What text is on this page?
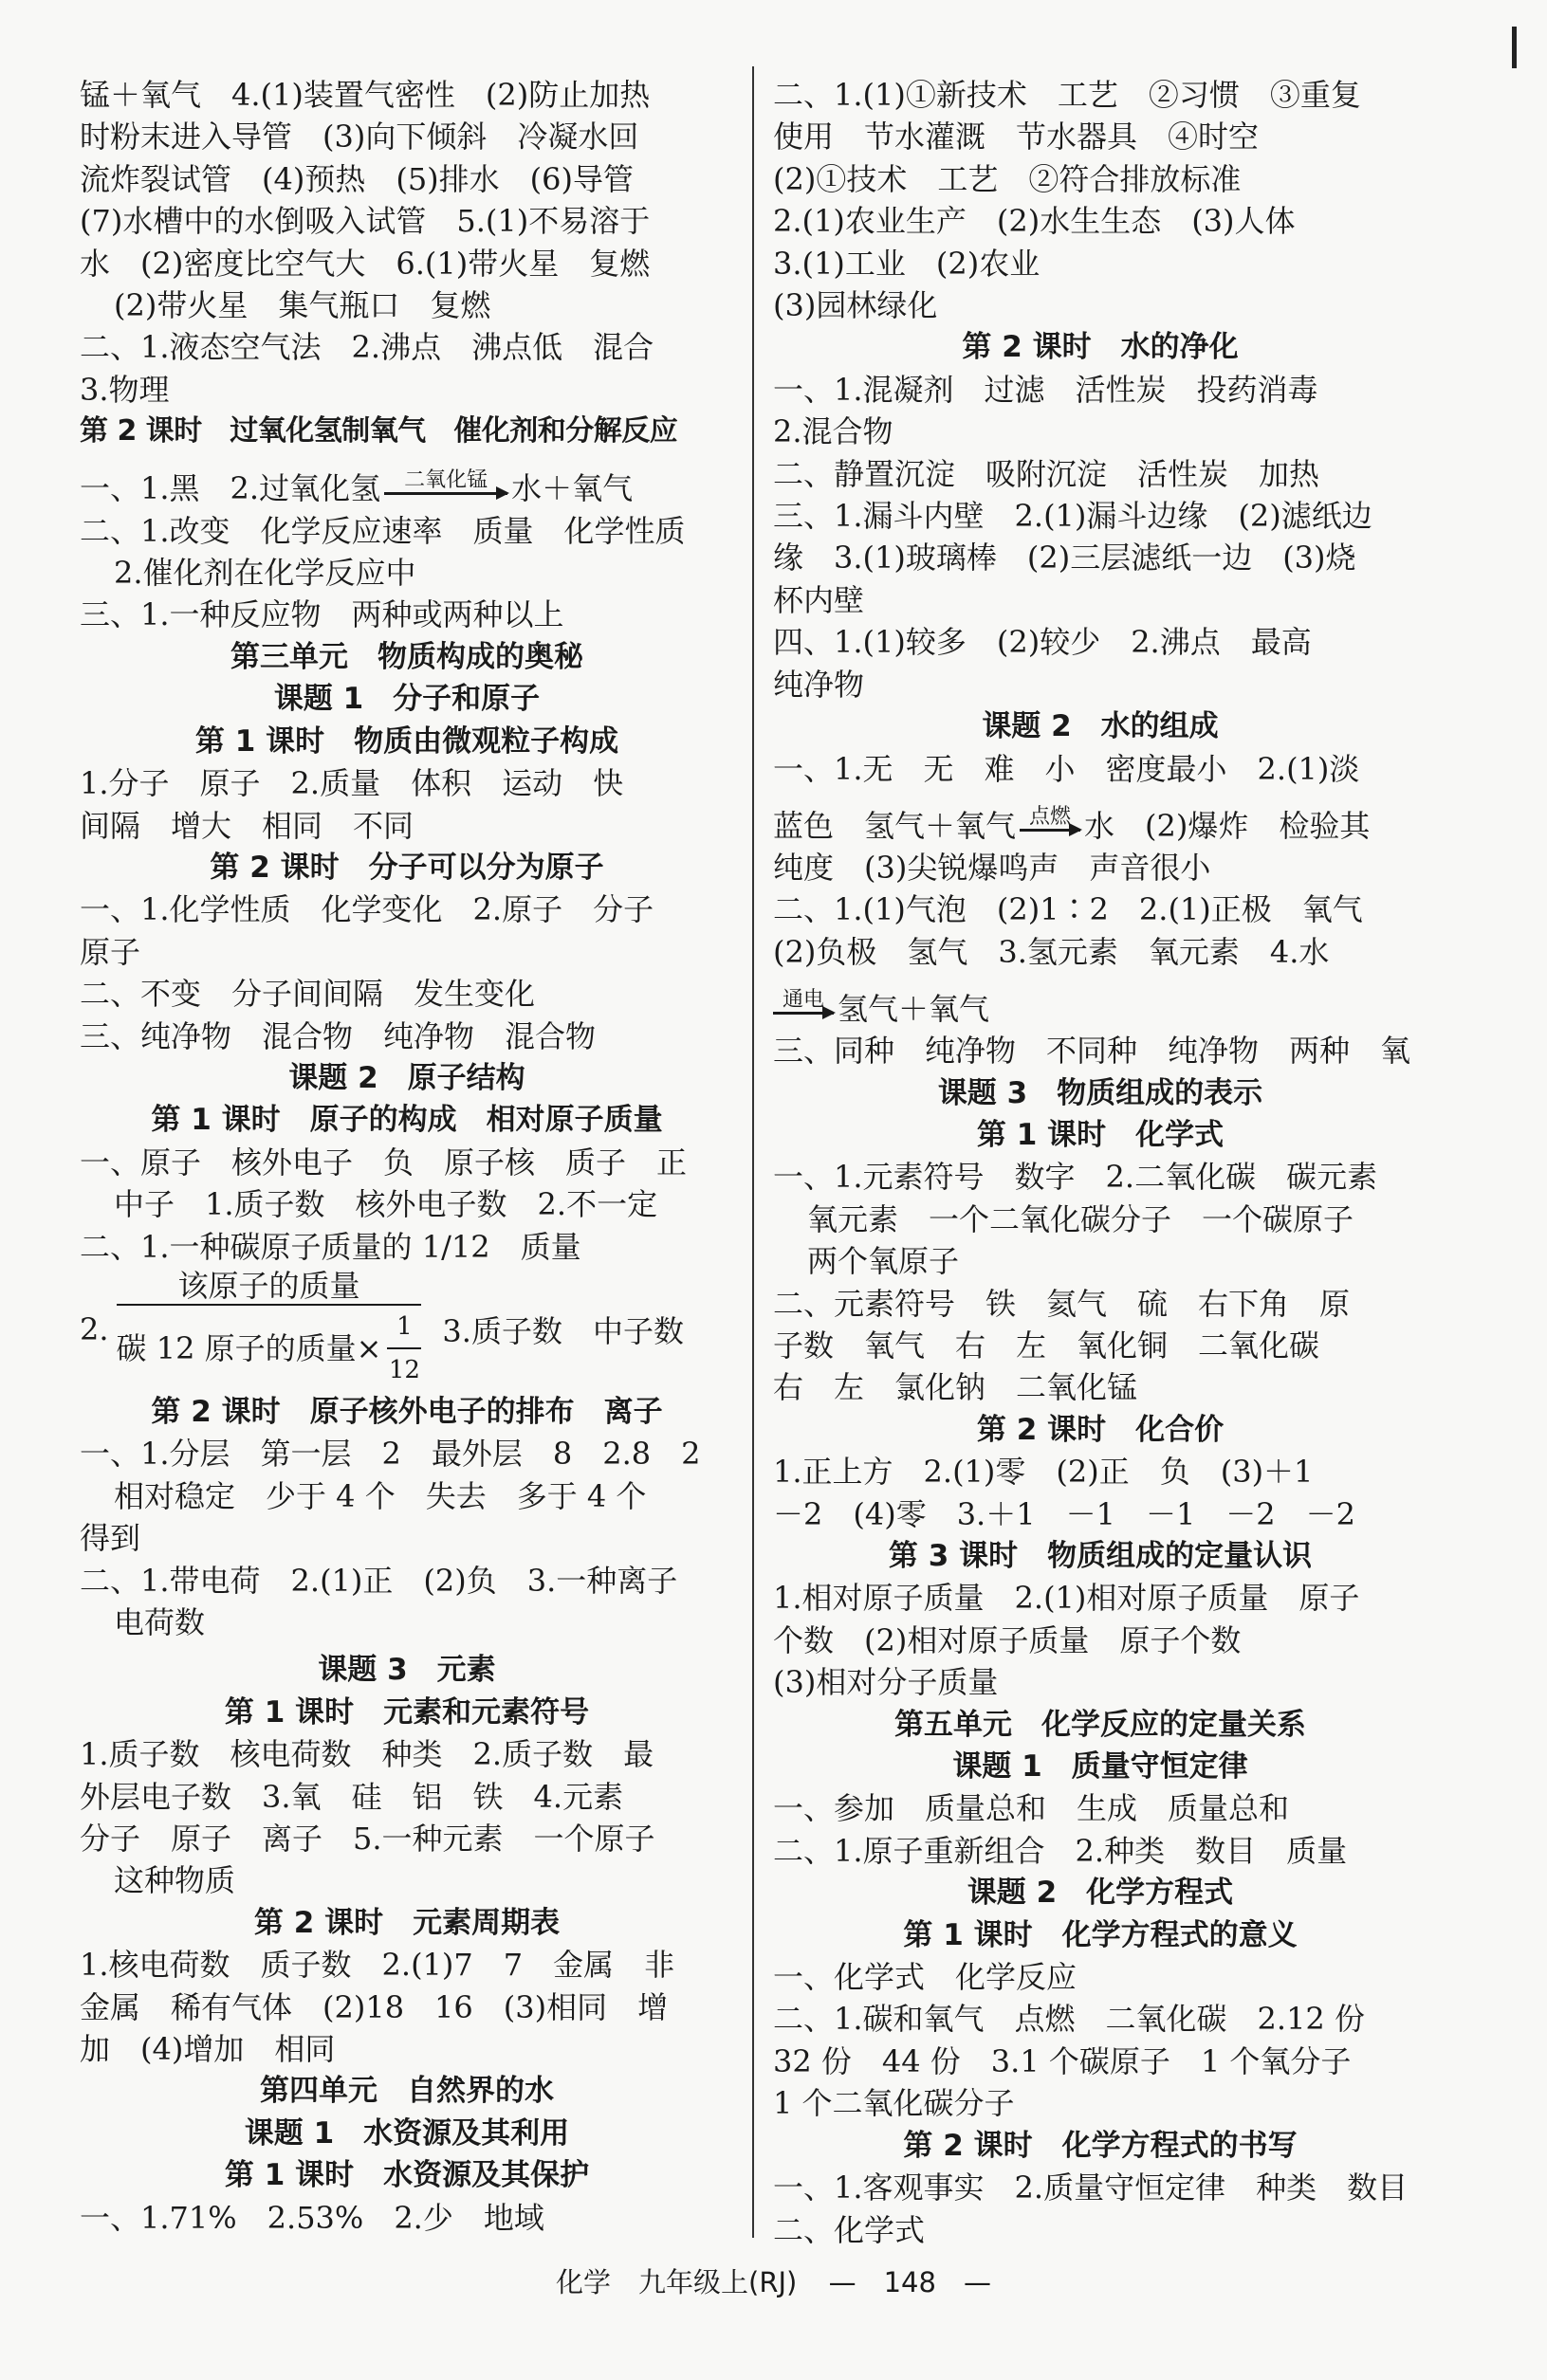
锰＋氧气　4.(1)装置气密性　(2)防止加热

时粉末进入导管　(3)向下倾斜　冷凝水回

流炸裂试管　(4)预热　(5)排水　(6)导管

(7)水槽中的水倒吸入试管　5.(1)不易溶于

水　(2)密度比空气大　6.(1)带火星　复燃

(2)带火星　集气瓶口　复燃

二、1.液态空气法　2.沸点　沸点低　混合

3.物理

第 2 课时　过氧化氢制氧气　催化剂和分解反应

一、1.黑　2.过氧化氢 二氧化锰 水＋氧气

二、1.改变　化学反应速率　质量　化学性质

2.催化剂在化学反应中

三、1.一种反应物　两种或两种以上

第三单元　物质构成的奥秘

课题 1　分子和原子

第 1 课时　物质由微观粒子构成

1.分子　原子　2.质量　体积　运动　快

间隔　增大　相同　不同

第 2 课时　分子可以分为原子

一、1.化学性质　化学变化　2.原子　分子

原子

二、不变　分子间间隔　发生变化

三、纯净物　混合物　纯净物　混合物

课题 2　原子结构

第 1 课时　原子的构成　相对原子质量

一、原子　核外电子　负　原子核　质子　正

中子　1.质子数　核外电子数　2.不一定

二、1.一种碳原子质量的 1/12　质量

2. $\frac{\text{该原子的质量}}{碳 12 原子的质量\times \frac{1}{12}} 3$.质子数　中子数

第 2 课时　原子核外电子的排布　离子

一、1.分层　第一层　2　最外层　8　2.8　2

相对稳定　少于 4 个　失去　多于 4 个

得到

二、1.带电荷　2.(1)正　(2)负　3.一种离子

电荷数

课题 3　元素

第 1 课时　元素和元素符号

1.质子数　核电荷数　种类　2.质子数　最

外层电子数　3.氧　硅　铝　铁　4.元素

分子　原子　离子　5.一种元素　一个原子

这种物质

第 2 课时　元素周期表

1.核电荷数　质子数　2.(1)7　7　金属　非

金属　稀有气体　(2)18　16　(3)相同　增

加　(4)增加　相同

第四单元　自然界的水

课题 1　水资源及其利用

第 1 课时　水资源及其保护

一、1.71%　2.53%　2.少　地域

二、1.(1)①新技术　工艺　②习惯　③重复

使用　节水灌溉　节水器具　④时空

(2)①技术　工艺　②符合排放标准

2.(1)农业生产　(2)水生生态　(3)人体

3.(1)工业　(2)农业

(3)园林绿化

第 2 课时　水的净化

一、1.混凝剂　过滤　活性炭　投药消毒

2.混合物

二、静置沉淀　吸附沉淀　活性炭　加热

三、1.漏斗内壁　2.(1)漏斗边缘　(2)滤纸边

缘　3.(1)玻璃棒　(2)三层滤纸一边　(3)烧

杯内壁

四、1.(1)较多　(2)较少　2.沸点　最高

纯净物

课题 2　水的组成

一、1.无　无　难　小　密度最小　2.(1)淡

蓝色　氢气＋氧气 点燃 水　(2)爆炸　检验其

纯度　(3)尖锐爆鸣声　声音很小

二、1.(1)气泡　(2)1∶2　2.(1)正极　氧气

(2)负极　氢气　3.氢元素　氧元素　4.水

通电 氢气＋氧气

三、同种　纯净物　不同种　纯净物　两种　氧

课题 3　物质组成的表示

第 1 课时　化学式

一、1.元素符号　数字　2.二氧化碳　碳元素

氧元素　一个二氧化碳分子　一个碳原子

两个氧原子

二、元素符号　铁　氦气　硫　右下角　原

子数　氧气　右　左　氧化铜　二氧化碳

右　左　氯化钠　二氧化锰

第 2 课时　化合价

1.正上方　2.(1)零　(2)正　负　(3)＋1

－2　(4)零　3.＋1　－1　－1　－2　－2

第 3 课时　物质组成的定量认识

1.相对原子质量　2.(1)相对原子质量　原子

个数　(2)相对原子质量　原子个数

(3)相对分子质量

第五单元　化学反应的定量关系

课题 1　质量守恒定律

一、参加　质量总和　生成　质量总和

二、1.原子重新组合　2.种类　数目　质量

课题 2　化学方程式

第 1 课时　化学方程式的意义

一、化学式　化学反应

二、1.碳和氧气　点燃　二氧化碳　2.12 份

32 份　44 份　3.1 个碳原子　1 个氧分子

1 个二氧化碳分子

第 2 课时　化学方程式的书写

一、1.客观事实　2.质量守恒定律　种类　数目

二、化学式

化学　九年级上(RJ) —　148　—
